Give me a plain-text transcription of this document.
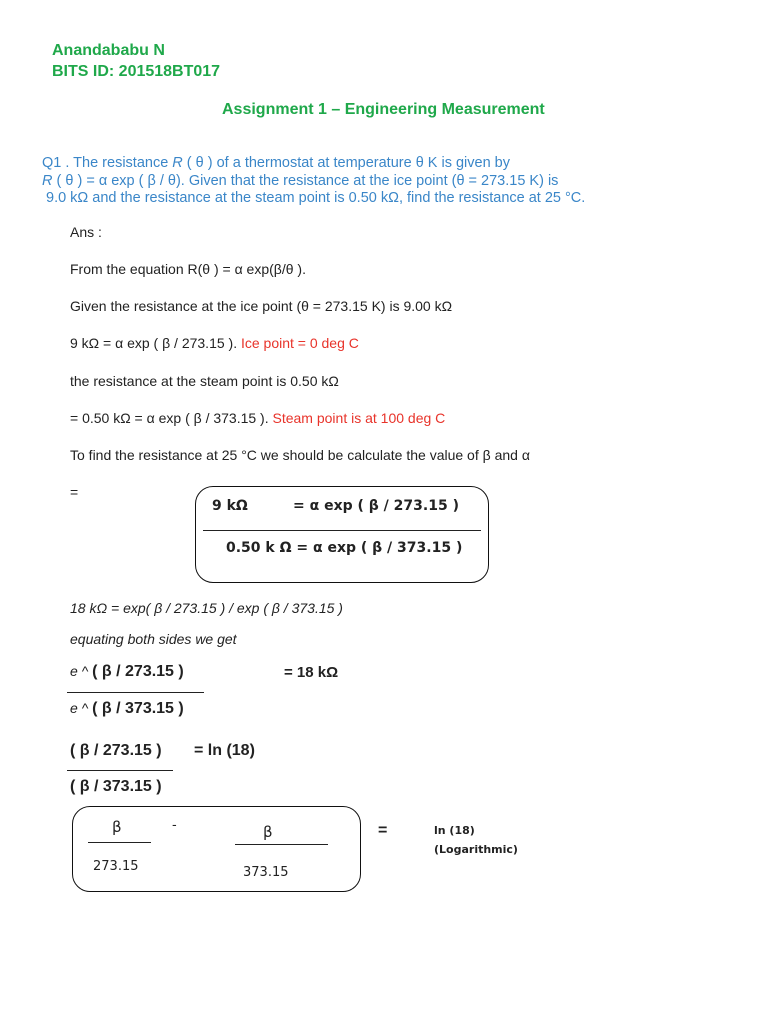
Anandababu N
BITS ID: 201518BT017
Assignment 1 – Engineering Measurement
Q1 . The resistance R ( θ ) of a thermostat at temperature θ K is given by
R ( θ ) = α exp ( β / θ). Given that the resistance at the ice point (θ = 273.15 K) is
9.0 kΩ and the resistance at the steam point is 0.50 kΩ, find the resistance at 25 °C.
Ans :
From the equation R(θ ) = α exp(β/θ ).
Given the resistance at the ice point (θ = 273.15 K) is 9.00 kΩ
9 kΩ = α exp ( β / 273.15 ). Ice point = 0 deg C
the resistance at the steam point is 0.50 kΩ
= 0.50 kΩ = α exp ( β / 373.15 ). Steam point is at 100 deg C
To find the resistance at 25 °C we should be calculate the value of β and α
=
9 kΩ	= α exp ( β / 273.15 )
0.50 k Ω = α exp ( β / 373.15 )
18 kΩ = exp( β / 273.15 ) / exp ( β / 373.15 )
equating both sides we get
e ^ ( β / 273.15 )	= 18 kΩ
e ^ ( β / 373.15 )
( β / 273.15 ) = ln (18)
( β / 373.15 )
β
273.15
-	β
373.15
=	ln (18)
(Logarithmic)
